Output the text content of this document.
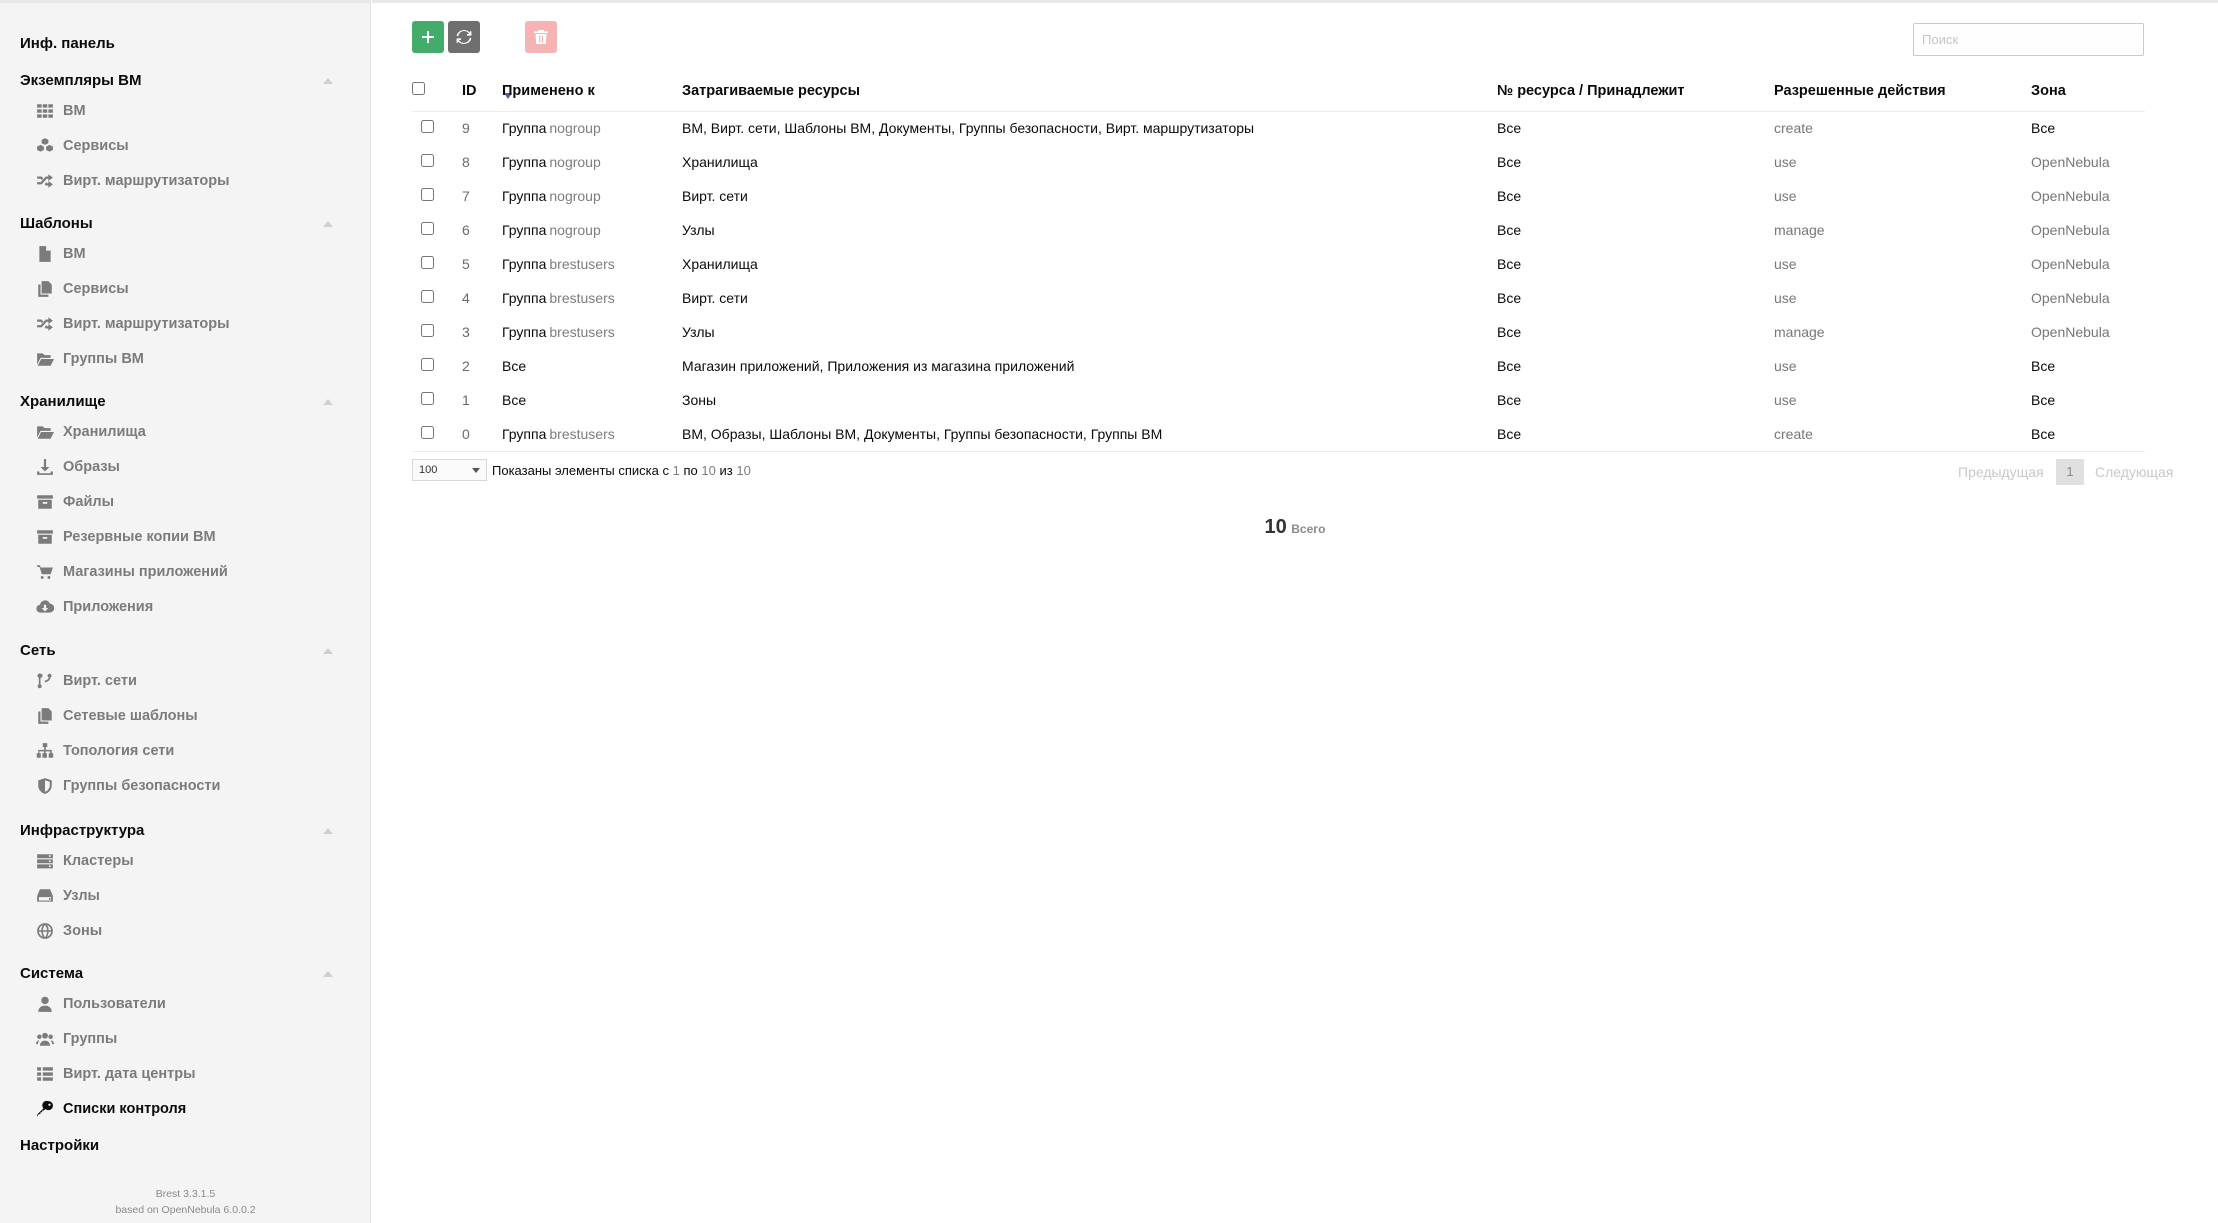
Инф. панель
Экземпляры ВМ
ВМ
Сервисы
Вирт. маршрутизаторы
Шаблоны
ВМ
Сервисы
Вирт. маршрутизаторы
Группы ВМ
Хранилище
Хранилища
Образы
Файлы
Резервные копии ВМ
Магазины приложений
Приложения
Сеть
Вирт. сети
Сетевые шаблоны
Топология сети
Группы безопасности
Инфраструктура
Кластеры
Узлы
Зоны
Система
Пользователи
Группы
Вирт. дата центры
Списки контроля
Настройки
Brest 3.3.1.5
based on OpenNebula 6.0.0.2
Поиск
	ID	Применено к	Затрагиваемые ресурсы	№ ресурса / Принадлежит	Разрешенные действия	Зона
	9	Группа nogroup	ВМ, Вирт. сети, Шаблоны ВМ, Документы, Группы безопасности, Вирт. маршрутизаторы	Все	create	Все
	8	Группа nogroup	Хранилища	Все	use	OpenNebula
	7	Группа nogroup	Вирт. сети	Все	use	OpenNebula
	6	Группа nogroup	Узлы	Все	manage	OpenNebula
	5	Группа brestusers	Хранилища	Все	use	OpenNebula
	4	Группа brestusers	Вирт. сети	Все	use	OpenNebula
	3	Группа brestusers	Узлы	Все	manage	OpenNebula
	2	Все	Магазин приложений, Приложения из магазина приложений	Все	use	Все
	1	Все	Зоны	Все	use	Все
	0	Группа brestusers	ВМ, Образы, Шаблоны ВМ, Документы, Группы безопасности, Группы ВМ	Все	create	Все
100	Показаны элементы списка с 1 по 10 из 10	Предыдущая	1	Следующая
10 Всего
